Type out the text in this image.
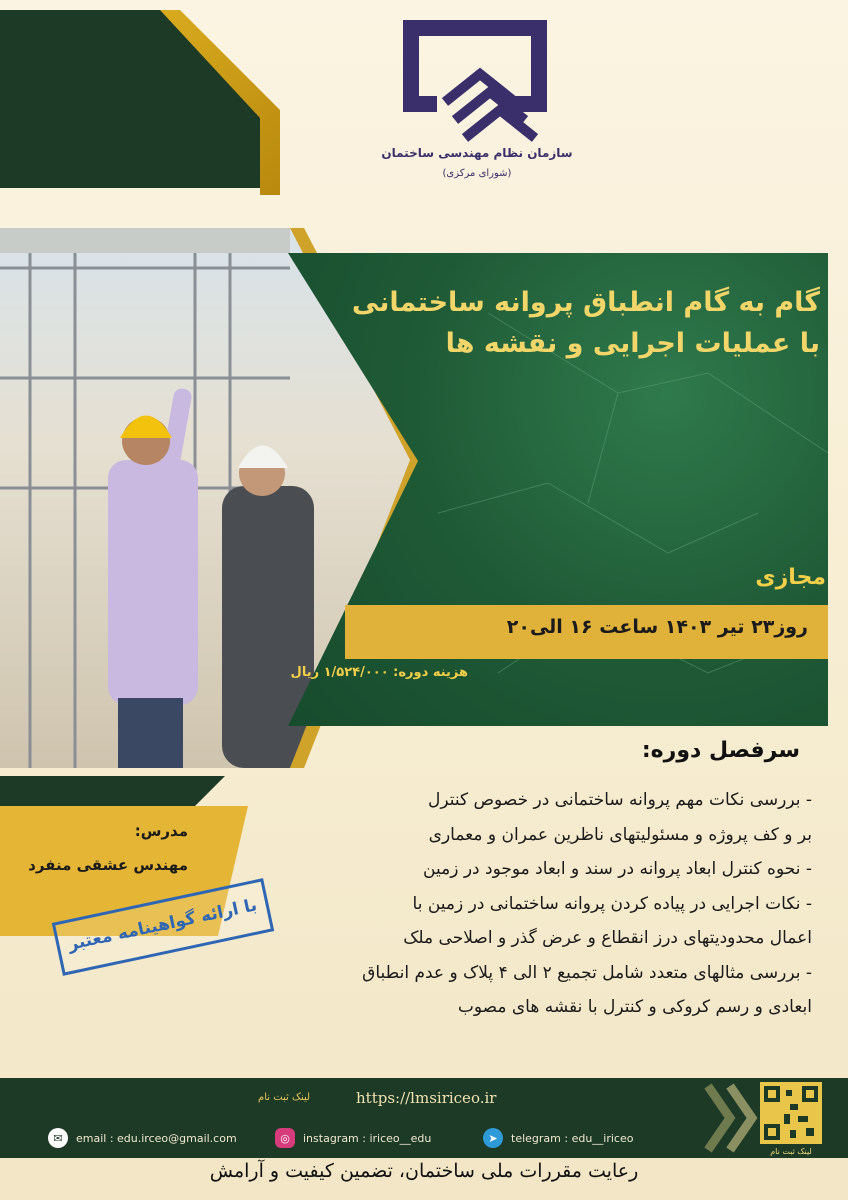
سازمان نظام مهندسی ساختمان
(شورای مرکزی)
گام به گام انطباق پروانه ساختمانی
با عملیات اجرایی و نقشه ها
مجازی
روز۲۳ تیر ۱۴۰۳ ساعت ۱۶ الی۲۰
هزینه دوره: ۱/۵۲۴/۰۰۰ ریال
سرفصل دوره:
- بررسی نکات مهم پروانه ساختمانی در خصوص کنترل
بر و کف پروژه و مسئولیتهای ناظرین عمران و معماری
- نحوه کنترل ابعاد پروانه در سند و ابعاد موجود در زمین
- نکات اجرایی در پیاده کردن پروانه ساختمانی در زمین با
اعمال محدودیتهای درز انقطاع و عرض گذر و اصلاحی ملک
- بررسی مثالهای متعدد شامل تجمیع ۲ الی ۴ پلاک و عدم انطباق
ابعادی و رسم کروکی و کنترل با نقشه های مصوب
مدرس:
مهندس عشقی منفرد
با ارائه گواهینامه معتبر
لینک ثبت نام
لینک ثبت نام	https://lmsiriceo.ir
✉	email : edu.irceo@gmail.com	◎	instagram : iriceo__edu	➤	telegram : edu__iriceo
رعایت مقررات ملی ساختمان، تضمین کیفیت و آرامش
